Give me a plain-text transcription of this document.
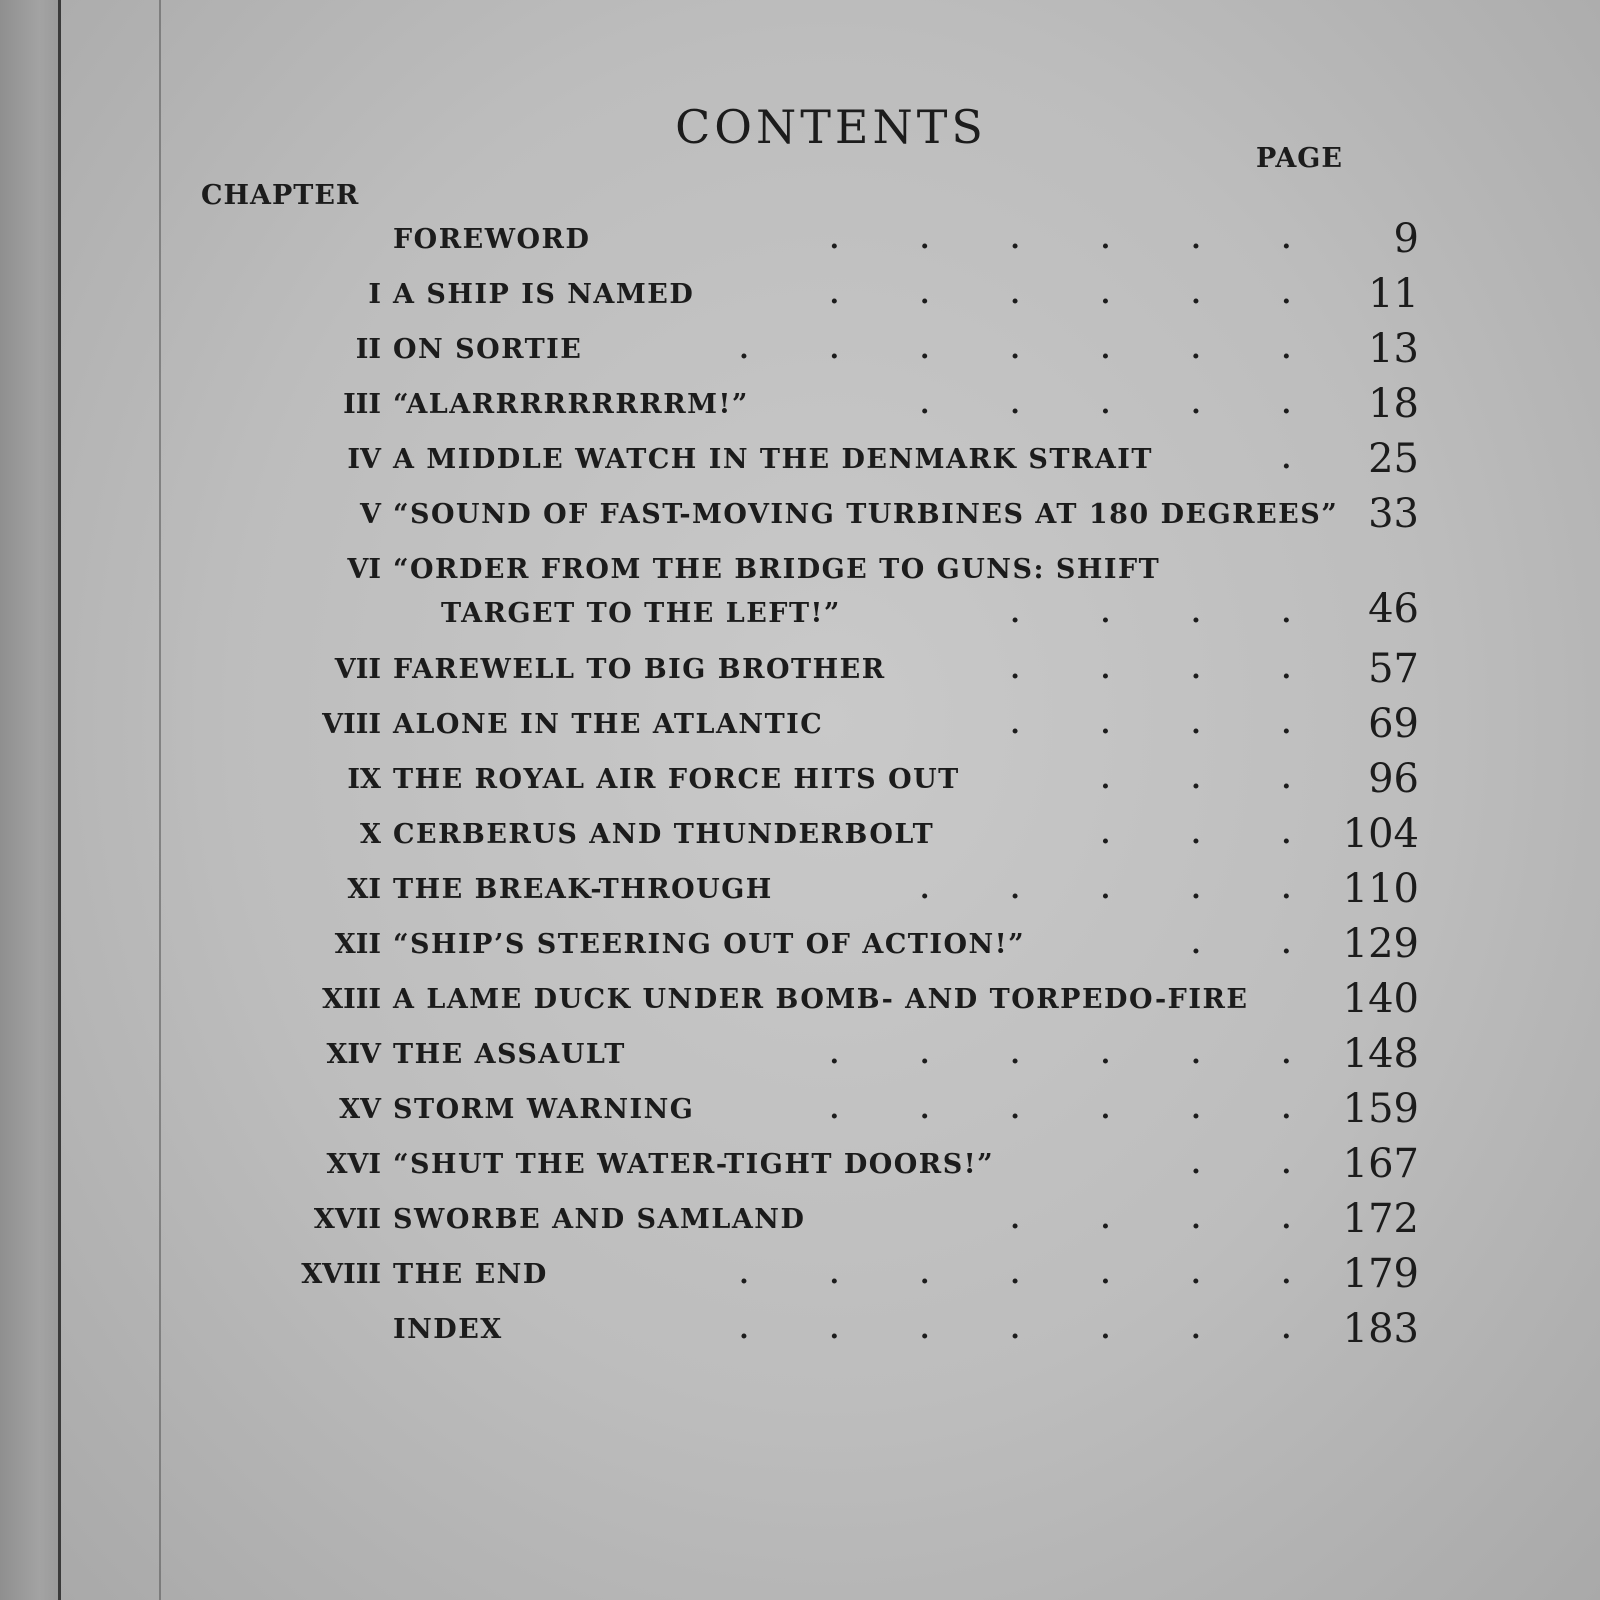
CONTENTS
CHAPTER
PAGE
FOREWORD	.   .   .   .   .   .	9
I A SHIP IS NAMED	.   .   .   .   .   . 11
II ON SORTIE	.   .   .   .   .   .   . 13
III “ALARRRRRRRRRM!”	.   .   .   .   . 18
IV A MIDDLE WATCH IN THE DENMARK STRAIT	. 25
V “SOUND OF FAST-MOVING TURBINES AT 180 DEGREES” 33
VI “ORDER FROM THE BRIDGE TO GUNS: SHIFT
TARGET TO THE LEFT!”	.   .   .   . 46
VII FAREWELL TO BIG BROTHER	.   .   .   . 57
VIII ALONE IN THE ATLANTIC	.   .   .   . 69
IX THE ROYAL AIR FORCE HITS OUT	.   .   . 96
X CERBERUS AND THUNDERBOLT	.   .   . 104
XI THE BREAK-THROUGH	.   .   .   .   . 110
XII “SHIP’S STEERING OUT OF ACTION!”	.   . 129
XIII A LAME DUCK UNDER BOMB- AND TORPEDO-FIRE 140
XIV THE ASSAULT	.   .   .   .   .   . 148
XV STORM WARNING	.   .   .   .   .   . 159
XVI “SHUT THE WATER-TIGHT DOORS!”	.   . 167
XVII SWORBE AND SAMLAND	.   .   .   . 172
XVIII THE END	.   .   .   .   .   .   . 179
INDEX	.   .   .   .   .   .   . 183
